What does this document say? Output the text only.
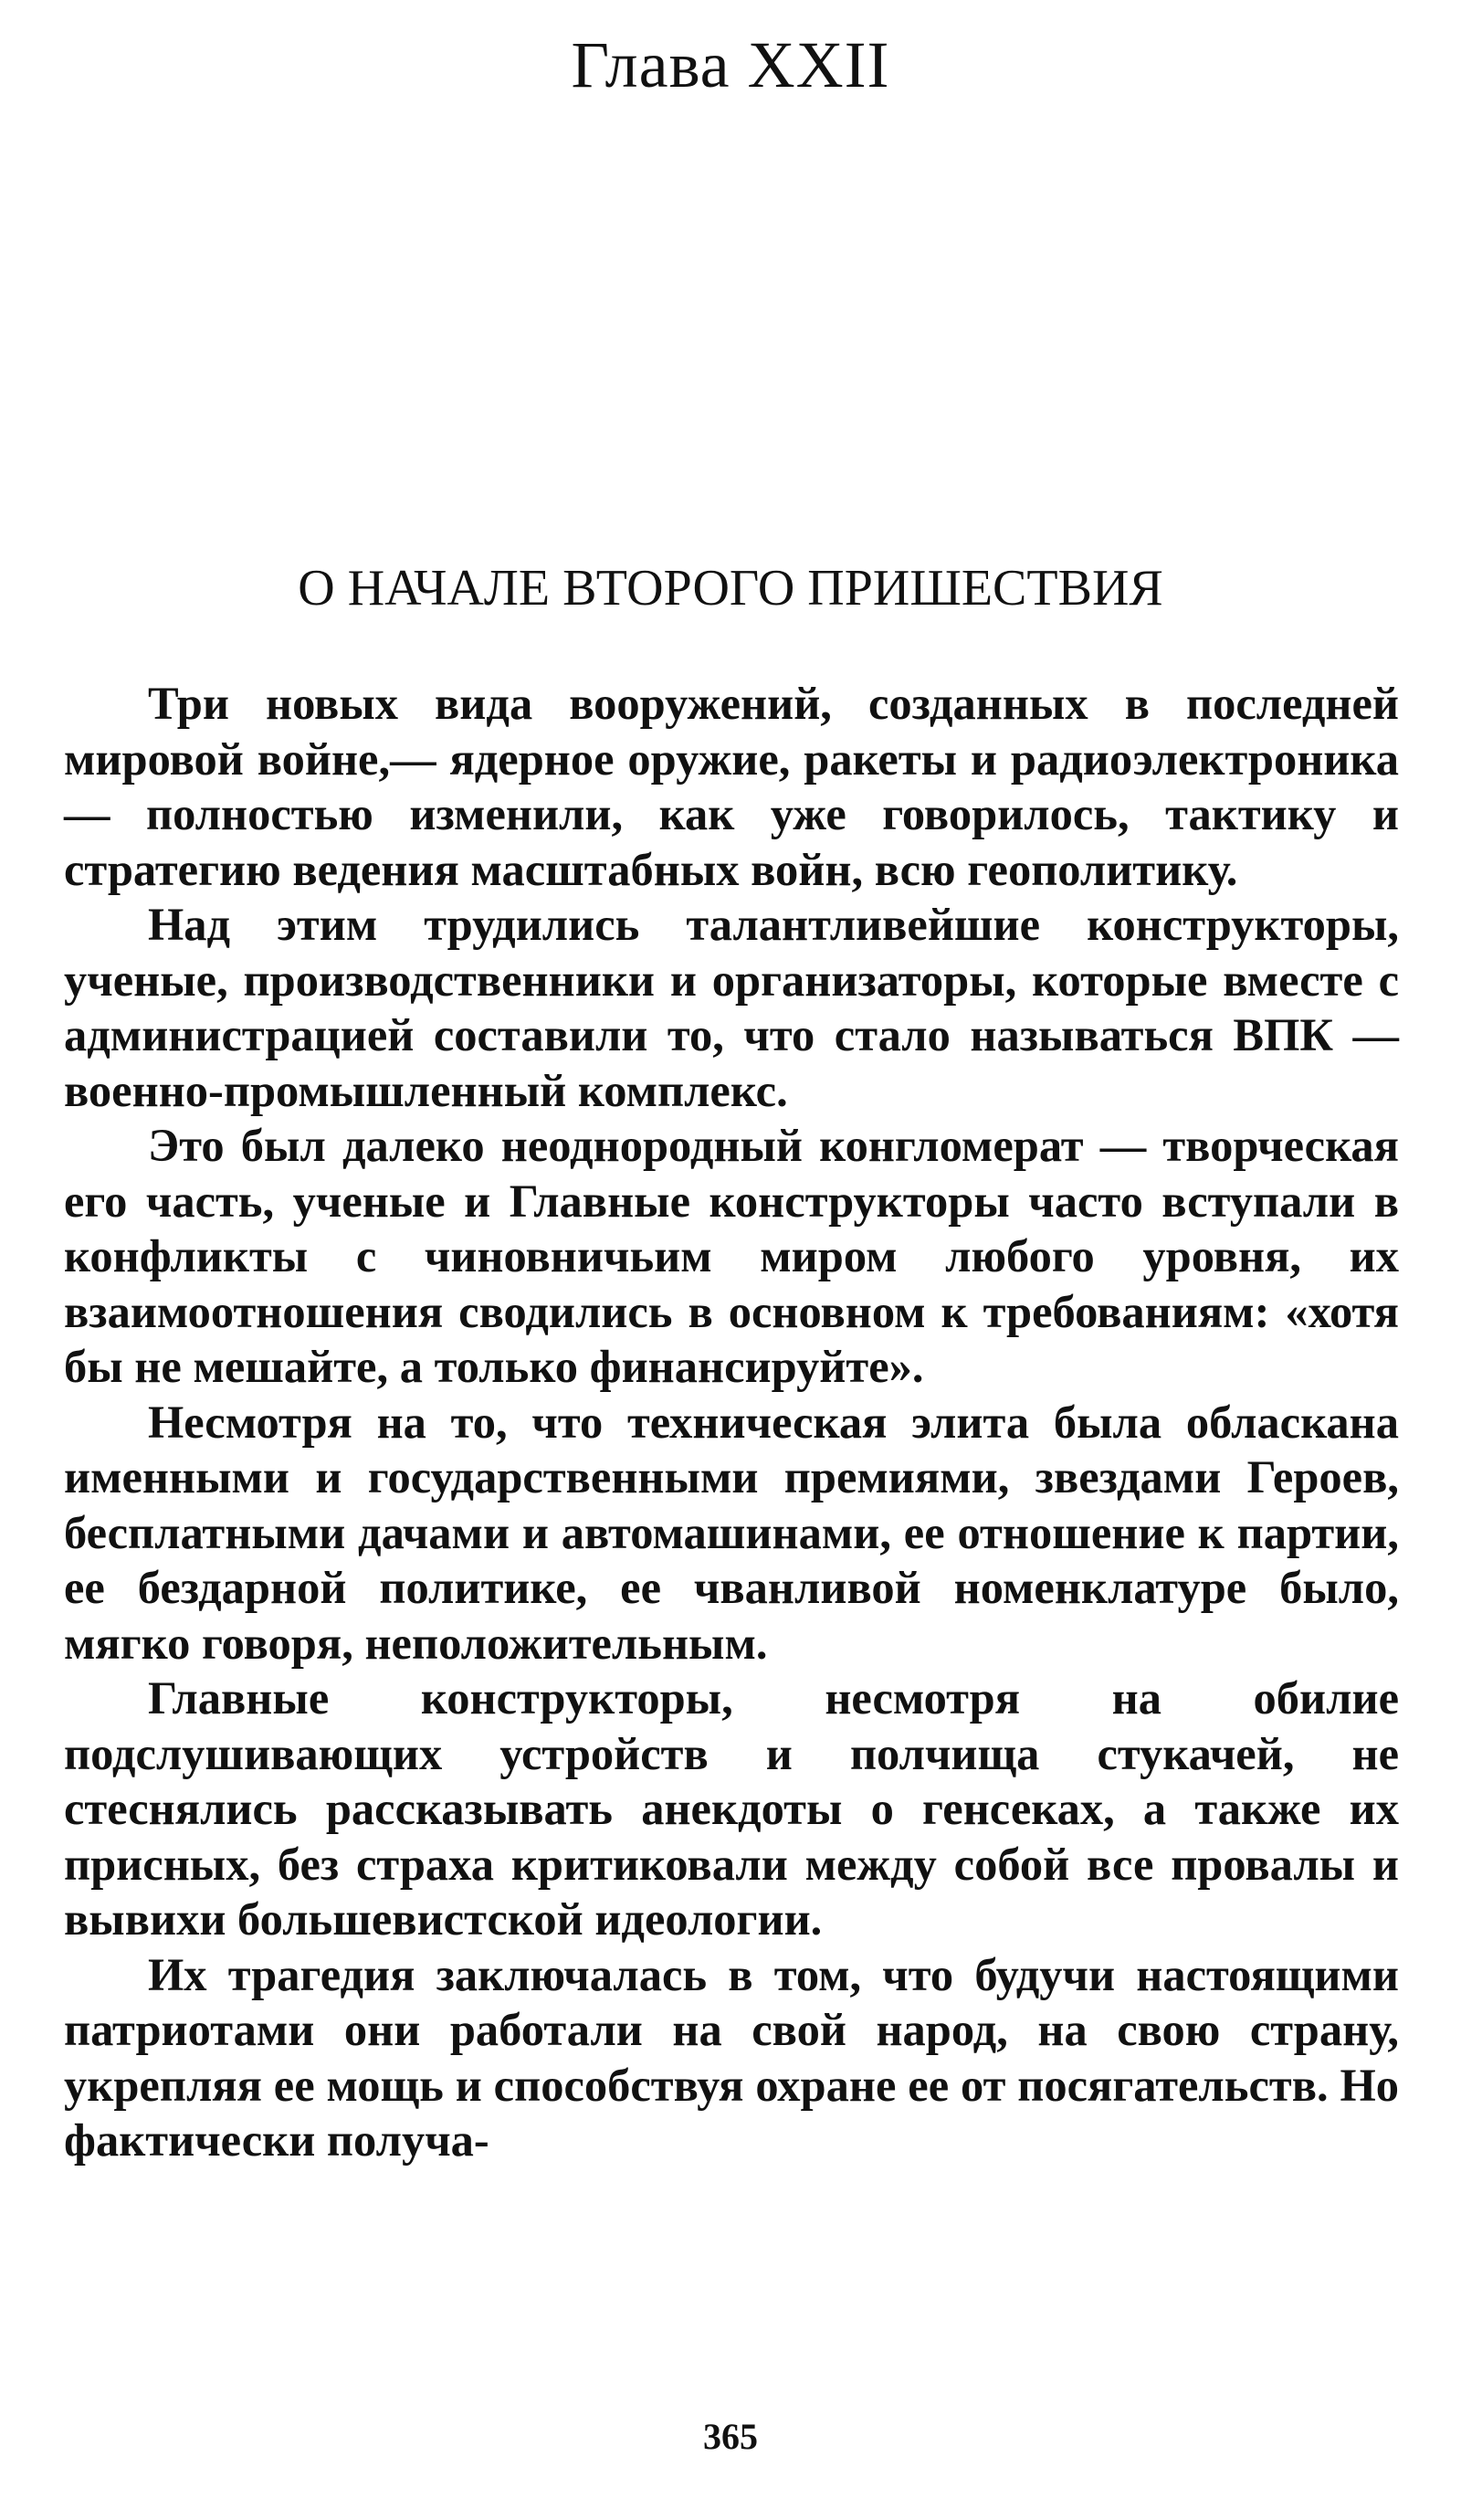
Глава XXII
О НАЧАЛЕ ВТОРОГО ПРИШЕСТВИЯ

Три новых вида вооружений, созданных в последней мировой войне,— ядерное оружие, ракеты и радиоэлектроника — полностью изменили, как уже говорилось, тактику и стратегию ведения масштабных войн, всю геополитику.

Над этим трудились талантливейшие конструкторы, ученые, производственники и организаторы, которые вместе с администрацией составили то, что стало называться ВПК — военно-промышленный комплекс.

Это был далеко неоднородный конгломерат — творческая его часть, ученые и Главные конструкторы часто вступали в конфликты с чиновничьим миром любого уровня, их взаимоотношения сводились в основном к требованиям: «хотя бы не мешайте, а только финансируйте».

Несмотря на то, что техническая элита была обласкана именными и государственными премиями, звездами Героев, бесплатными дачами и автомашинами, ее отношение к партии, ее бездарной политике, ее чванливой номенклатуре было, мягко говоря, неположительным.

Главные конструкторы, несмотря на обилие подслушивающих устройств и полчища стукачей, не стеснялись рассказывать анекдоты о генсеках, а также их присных, без страха критиковали между собой все провалы и вывихи большевистской идеологии.

Их трагедия заключалась в том, что будучи настоящими патриотами они работали на свой народ, на свою страну, укрепляя ее мощь и способствуя охране ее от посягательств. Но фактически получа-

365
